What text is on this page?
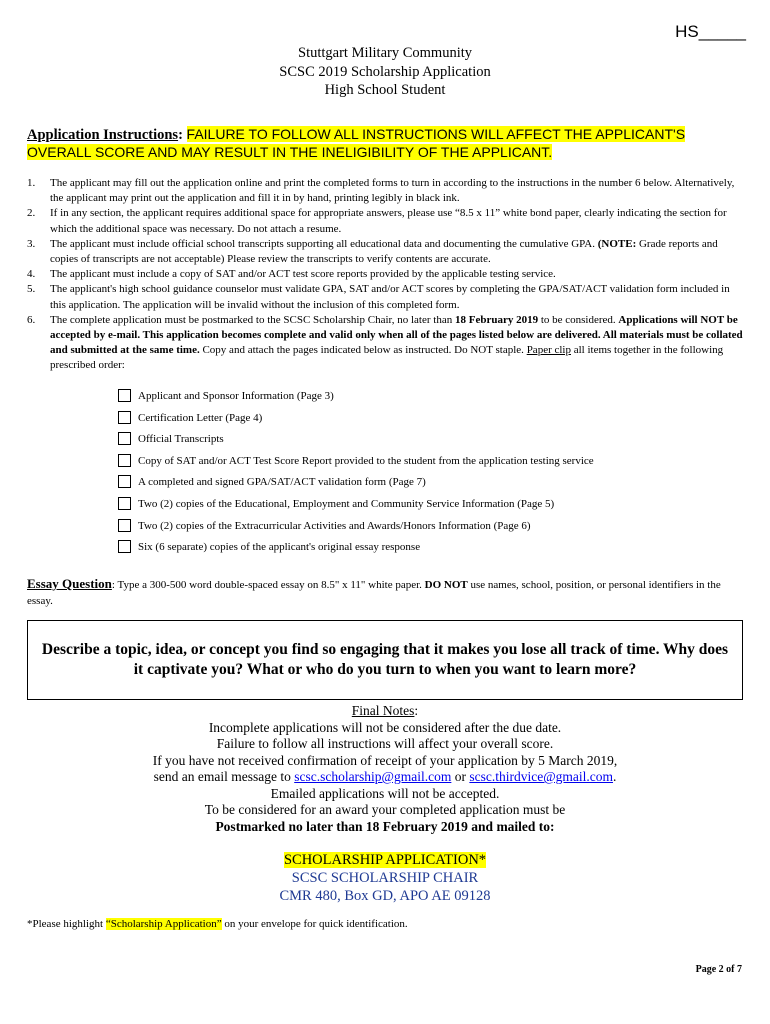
HS_____
Stuttgart Military Community
SCSC 2019 Scholarship Application
High School Student
Application Instructions: FAILURE TO FOLLOW ALL INSTRUCTIONS WILL AFFECT THE APPLICANT'S
OVERALL SCORE AND MAY RESULT IN THE INELIGIBILITY OF THE APPLICANT.
1. The applicant may fill out the application online and print the completed forms to turn in according to the instructions in the number 6 below. Alternatively, the applicant may print out the application and fill it in by hand, printing legibly in black ink.
2. If in any section, the applicant requires additional space for appropriate answers, please use “8.5 x 11” white bond paper, clearly indicating the section for which the additional space was necessary. Do not attach a resume.
3. The applicant must include official school transcripts supporting all educational data and documenting the cumulative GPA. (NOTE: Grade reports and copies of transcripts are not acceptable) Please review the transcripts to verify contents are accurate.
4. The applicant must include a copy of SAT and/or ACT test score reports provided by the applicable testing service.
5. The applicant's high school guidance counselor must validate GPA, SAT and/or ACT scores by completing the GPA/SAT/ACT validation form included in this application. The application will be invalid without the inclusion of this completed form.
6. The complete application must be postmarked to the SCSC Scholarship Chair, no later than 18 February 2019 to be considered. Applications will NOT be accepted by e-mail. This application becomes complete and valid only when all of the pages listed below are delivered. All materials must be collated and submitted at the same time. Copy and attach the pages indicated below as instructed. Do NOT staple. Paper clip all items together in the following prescribed order:
Applicant and Sponsor Information (Page 3)
Certification Letter (Page 4)
Official Transcripts
Copy of SAT and/or ACT Test Score Report provided to the student from the application testing service
A completed and signed GPA/SAT/ACT validation form (Page 7)
Two (2) copies of the Educational, Employment and Community Service Information (Page 5)
Two (2) copies of the Extracurricular Activities and Awards/Honors Information (Page 6)
Six (6 separate) copies of the applicant's original essay response
Essay Question: Type a 300-500 word double-spaced essay on 8.5" x 11" white paper. DO NOT use names, school, position, or personal identifiers in the essay.
Describe a topic, idea, or concept you find so engaging that it makes you lose all track of time. Why does it captivate you? What or who do you turn to when you want to learn more?
Final Notes:
Incomplete applications will not be considered after the due date.
Failure to follow all instructions will affect your overall score.
If you have not received confirmation of receipt of your application by 5 March 2019,
send an email message to scsc.scholarship@gmail.com or scsc.thirdvice@gmail.com.
Emailed applications will not be accepted.
To be considered for an award your completed application must be
Postmarked no later than 18 February 2019 and mailed to:
SCHOLARSHIP APPLICATION*
SCSC SCHOLARSHIP CHAIR
CMR 480, Box GD, APO AE 09128
*Please highlight “Scholarship Application” on your envelope for quick identification.
Page 2 of 7
